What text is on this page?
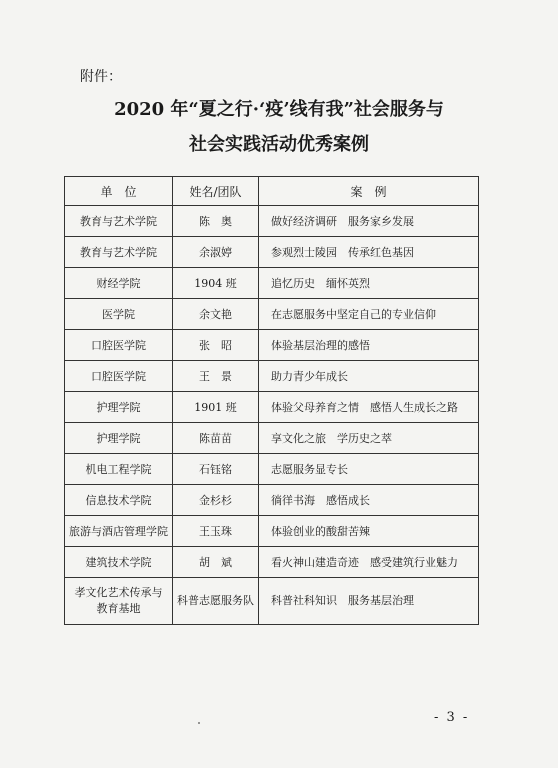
附件：
2020 年“夏之行·‘疫’线有我”社会服务与
社会实践活动优秀案例
单　位	姓名/团队	案　例
教育与艺术学院	陈　奥	做好经济调研　服务家乡发展
教育与艺术学院	余淑婷	参观烈士陵园　传承红色基因
财经学院	1904 班	追忆历史　缅怀英烈
医学院	余文艳	在志愿服务中坚定自己的专业信仰
口腔医学院	张　昭	体验基层治理的感悟
口腔医学院	王　景	助力青少年成长
护理学院	1901 班	体验父母养育之情　感悟人生成长之路
护理学院	陈苗苗	享文化之旅　学历史之萃
机电工程学院	石钰铭	志愿服务显专长
信息技术学院	金杉杉	徜徉书海　感悟成长
旅游与酒店管理学院	王玉珠	体验创业的酸甜苦辣
建筑技术学院	胡　斌	看火神山建造奇迹　感受建筑行业魅力
孝文化艺术传承与
教育基地	科普志愿服务队	科普社科知识　服务基层治理
- 3 -
